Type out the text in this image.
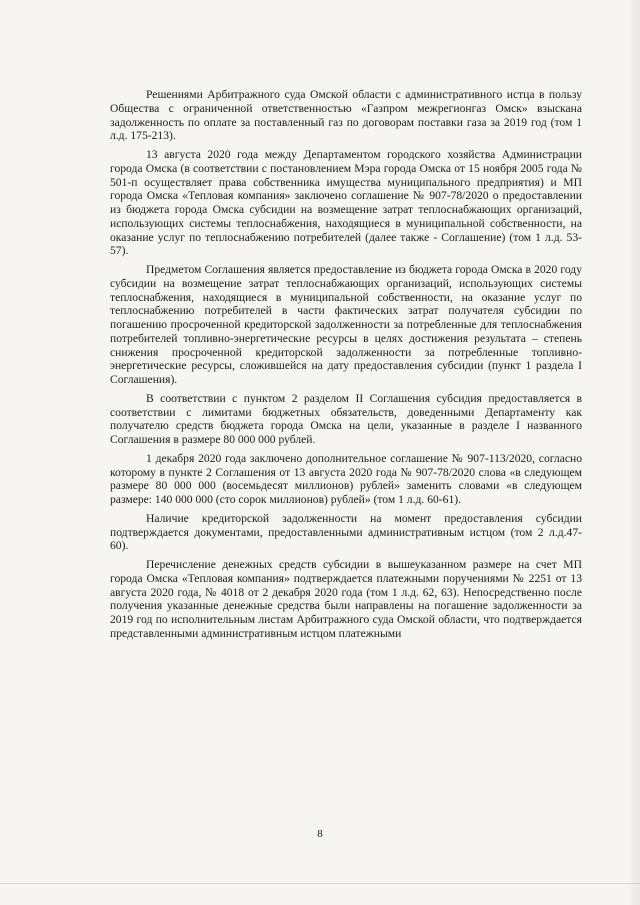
Решениями Арбитражного суда Омской области с административного истца в пользу Общества с ограниченной ответственностью «Газпром межрегионгаз Омск» взыскана задолженность по оплате за поставленный газ по договорам поставки газа за 2019 год (том 1 л.д. 175-213).

13 августа 2020 года между Департаментом городского хозяйства Администрации города Омска (в соответствии с постановлением Мэра города Омска от 15 ноября 2005 года № 501-п осуществляет права собственника имущества муниципального предприятия) и МП города Омска «Тепловая компания» заключено соглашение № 907-78/2020 о предоставлении из бюджета города Омска субсидии на возмещение затрат теплоснабжающих организаций, использующих системы теплоснабжения, находящиеся в муниципальной собственности, на оказание услуг по теплоснабжению потребителей (далее также - Соглашение) (том 1 л.д. 53-57).

Предметом Соглашения является предоставление из бюджета города Омска в 2020 году субсидии на возмещение затрат теплоснабжающих организаций, использующих системы теплоснабжения, находящиеся в муниципальной собственности, на оказание услуг по теплоснабжению потребителей в части фактических затрат получателя субсидии по погашению просроченной кредиторской задолженности за потребленные для теплоснабжения потребителей топливно-энергетические ресурсы в целях достижения результата – степень снижения просроченной кредиторской задолженности за потребленные топливно-энергетические ресурсы, сложившейся на дату предоставления субсидии (пункт 1 раздела I Соглашения).

В соответствии с пунктом 2 разделом II Соглашения субсидия предоставляется в соответствии с лимитами бюджетных обязательств, доведенными Департаменту как получателю средств бюджета города Омска на цели, указанные в разделе I названного Соглашения в размере 80 000 000 рублей.

1 декабря 2020 года заключено дополнительное соглашение № 907-113/2020, согласно которому в пункте 2 Соглашения от 13 августа 2020 года № 907-78/2020 слова «в следующем размере 80 000 000 (восемьдесят миллионов) рублей» заменить словами «в следующем размере: 140 000 000 (сто сорок миллионов) рублей» (том 1 л.д. 60-61).

Наличие кредиторской задолженности на момент предоставления субсидии подтверждается документами, предоставленными административным истцом (том 2 л.д.47-60).

Перечисление денежных средств субсидии в вышеуказанном размере на счет МП города Омска «Тепловая компания» подтверждается платежными поручениями № 2251 от 13 августа 2020 года, № 4018 от 2 декабря 2020 года (том 1 л.д. 62, 63). Непосредственно после получения указанные денежные средства были направлены на погашение задолженности за 2019 год по исполнительным листам Арбитражного суда Омской области, что подтверждается представленными административным истцом платежными

8
